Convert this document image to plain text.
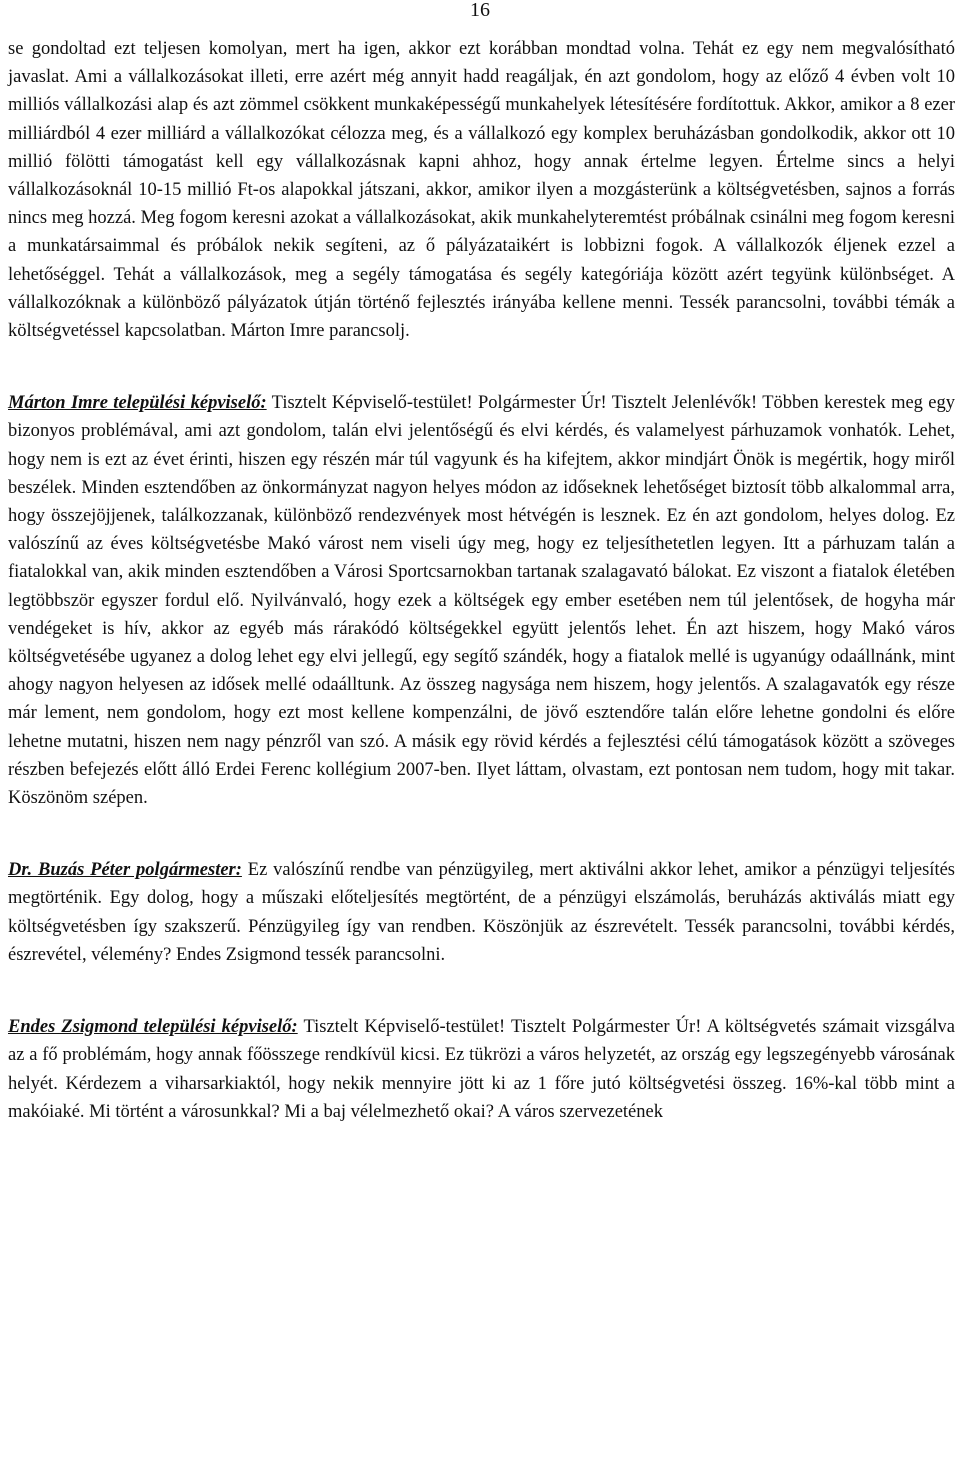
16

se gondoltad ezt teljesen komolyan, mert ha igen, akkor ezt korábban mondtad volna. Tehát ez egy nem megvalósítható javaslat. Ami a vállalkozásokat illeti, erre azért még annyit hadd reagáljak, én azt gondolom, hogy az előző 4 évben volt 10 milliós vállalkozási alap és azt zömmel csökkent munkaképességű munkahelyek létesítésére fordítottuk. Akkor, amikor a 8 ezer milliárdból 4 ezer milliárd a vállalkozókat célozza meg, és a vállalkozó egy komplex beruházásban gondolkodik, akkor ott 10 millió fölötti támogatást kell egy vállalkozásnak kapni ahhoz, hogy annak értelme legyen. Értelme sincs a helyi vállalkozásoknál 10-15 millió Ft-os alapokkal játszani, akkor, amikor ilyen a mozgásterünk a költségvetésben, sajnos a forrás nincs meg hozzá. Meg fogom keresni azokat a vállalkozásokat, akik munkahelyteremtést próbálnak csinálni meg fogom keresni a munkatársaimmal és próbálok nekik segíteni, az ő pályázataikért is lobbizni fogok. A vállalkozók éljenek ezzel a lehetőséggel. Tehát a vállalkozások, meg a segély támogatása és segély kategóriája között azért tegyünk különbséget. A vállalkozóknak a különböző pályázatok útján történő fejlesztés irányába kellene menni. Tessék parancsolni, további témák a költségvetéssel kapcsolatban. Márton Imre parancsolj.

Márton Imre települési képviselő: Tisztelt Képviselő-testület! Polgármester Úr! Tisztelt Jelenlévők! Többen kerestek meg egy bizonyos problémával, ami azt gondolom, talán elvi jelentőségű és elvi kérdés, és valamelyest párhuzamok vonhatók. Lehet, hogy nem is ezt az évet érinti, hiszen egy részén már túl vagyunk és ha kifejtem, akkor mindjárt Önök is megértik, hogy miről beszélek. Minden esztendőben az önkormányzat nagyon helyes módon az időseknek lehetőséget biztosít több alkalommal arra, hogy összejöjjenek, találkozzanak, különböző rendezvények most hétvégén is lesznek. Ez én azt gondolom, helyes dolog. Ez valószínű az éves költségvetésbe Makó várost nem viseli úgy meg, hogy ez teljesíthetetlen legyen. Itt a párhuzam talán a fiatalokkal van, akik minden esztendőben a Városi Sportcsarnokban tartanak szalagavató bálokat. Ez viszont a fiatalok életében legtöbbször egyszer fordul elő. Nyilvánvaló, hogy ezek a költségek egy ember esetében nem túl jelentősek, de hogyha már vendégeket is hív, akkor az egyéb más rárakódó költségekkel együtt jelentős lehet. Én azt hiszem, hogy Makó város költségvetésébe ugyanez a dolog lehet egy elvi jellegű, egy segítő szándék, hogy a fiatalok mellé is ugyanúgy odaállnánk, mint ahogy nagyon helyesen az idősek mellé odaálltunk. Az összeg nagysága nem hiszem, hogy jelentős. A szalagavatók egy része már lement, nem gondolom, hogy ezt most kellene kompenzálni, de jövő esztendőre talán előre lehetne gondolni és előre lehetne mutatni, hiszen nem nagy pénzről van szó. A másik egy rövid kérdés a fejlesztési célú támogatások között a szöveges részben befejezés előtt álló Erdei Ferenc kollégium 2007-ben. Ilyet láttam, olvastam, ezt pontosan nem tudom, hogy mit takar. Köszönöm szépen.

Dr. Buzás Péter polgármester: Ez valószínű rendbe van pénzügyileg, mert aktiválni akkor lehet, amikor a pénzügyi teljesítés megtörténik. Egy dolog, hogy a műszaki előteljesítés megtörtént, de a pénzügyi elszámolás, beruházás aktiválás miatt egy költségvetésben így szakszerű. Pénzügyileg így van rendben. Köszönjük az észrevételt. Tessék parancsolni, további kérdés, észrevétel, vélemény? Endes Zsigmond tessék parancsolni.

Endes Zsigmond települési képviselő: Tisztelt Képviselő-testület! Tisztelt Polgármester Úr! A költségvetés számait vizsgálva az a fő problémám, hogy annak főösszege rendkívül kicsi. Ez tükrözi a város helyzetét, az ország egy legszegényebb városának helyét. Kérdezem a viharsarkiaktól, hogy nekik mennyire jött ki az 1 főre jutó költségvetési összeg. 16%-kal több mint a makóiaké. Mi történt a városunkkal? Mi a baj vélelmezhető okai? A város szervezetének
